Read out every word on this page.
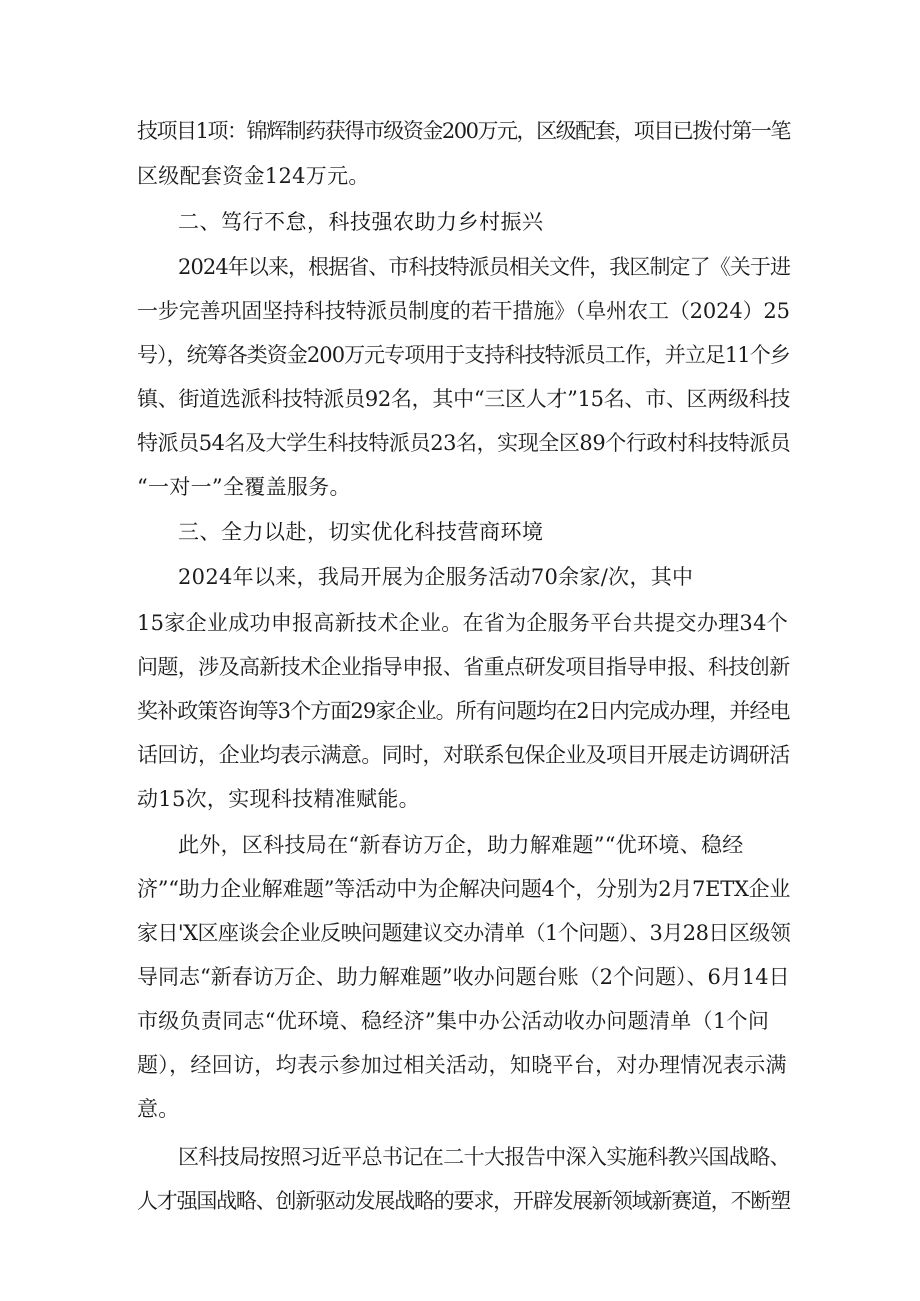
技项目1项：锦辉制药获得市级资金200万元，区级配套，项目已拨付第一笔
区级配套资金124万元。
二、笃行不怠，科技强农助力乡村振兴
2024年以来，根据省、市科技特派员相关文件，我区制定了《关于进
一步完善巩固坚持科技特派员制度的若干措施》（阜州农工（2024）25
号），统筹各类资金200万元专项用于支持科技特派员工作，并立足11个乡
镇、街道选派科技特派员92名，其中“三区人才”15名、市、区两级科技
特派员54名及大学生科技特派员23名，实现全区89个行政村科技特派员
“一对一”全覆盖服务。
三、全力以赴，切实优化科技营商环境
2024年以来，我局开展为企服务活动70余家/次，其中
15家企业成功申报高新技术企业。在省为企服务平台共提交办理34个
问题，涉及高新技术企业指导申报、省重点研发项目指导申报、科技创新
奖补政策咨询等3个方面29家企业。所有问题均在2日内完成办理，并经电
话回访，企业均表示满意。同时，对联系包保企业及项目开展走访调研活
动15次，实现科技精准赋能。
此外，区科技局在“新春访万企，助力解难题”“优环境、稳经
济”“助力企业解难题”等活动中为企解决问题4个，分别为2月7ETX企业
家日'X区座谈会企业反映问题建议交办清单（1个问题）、3月28日区级领
导同志“新春访万企、助力解难题”收办问题台账（2个问题）、6月14日
市级负责同志“优环境、稳经济”集中办公活动收办问题清单（1个问
题），经回访，均表示参加过相关活动，知晓平台，对办理情况表示满
意。
区科技局按照习近平总书记在二十大报告中深入实施科教兴国战略、
人才强国战略、创新驱动发展战略的要求，开辟发展新领域新赛道，不断塑
